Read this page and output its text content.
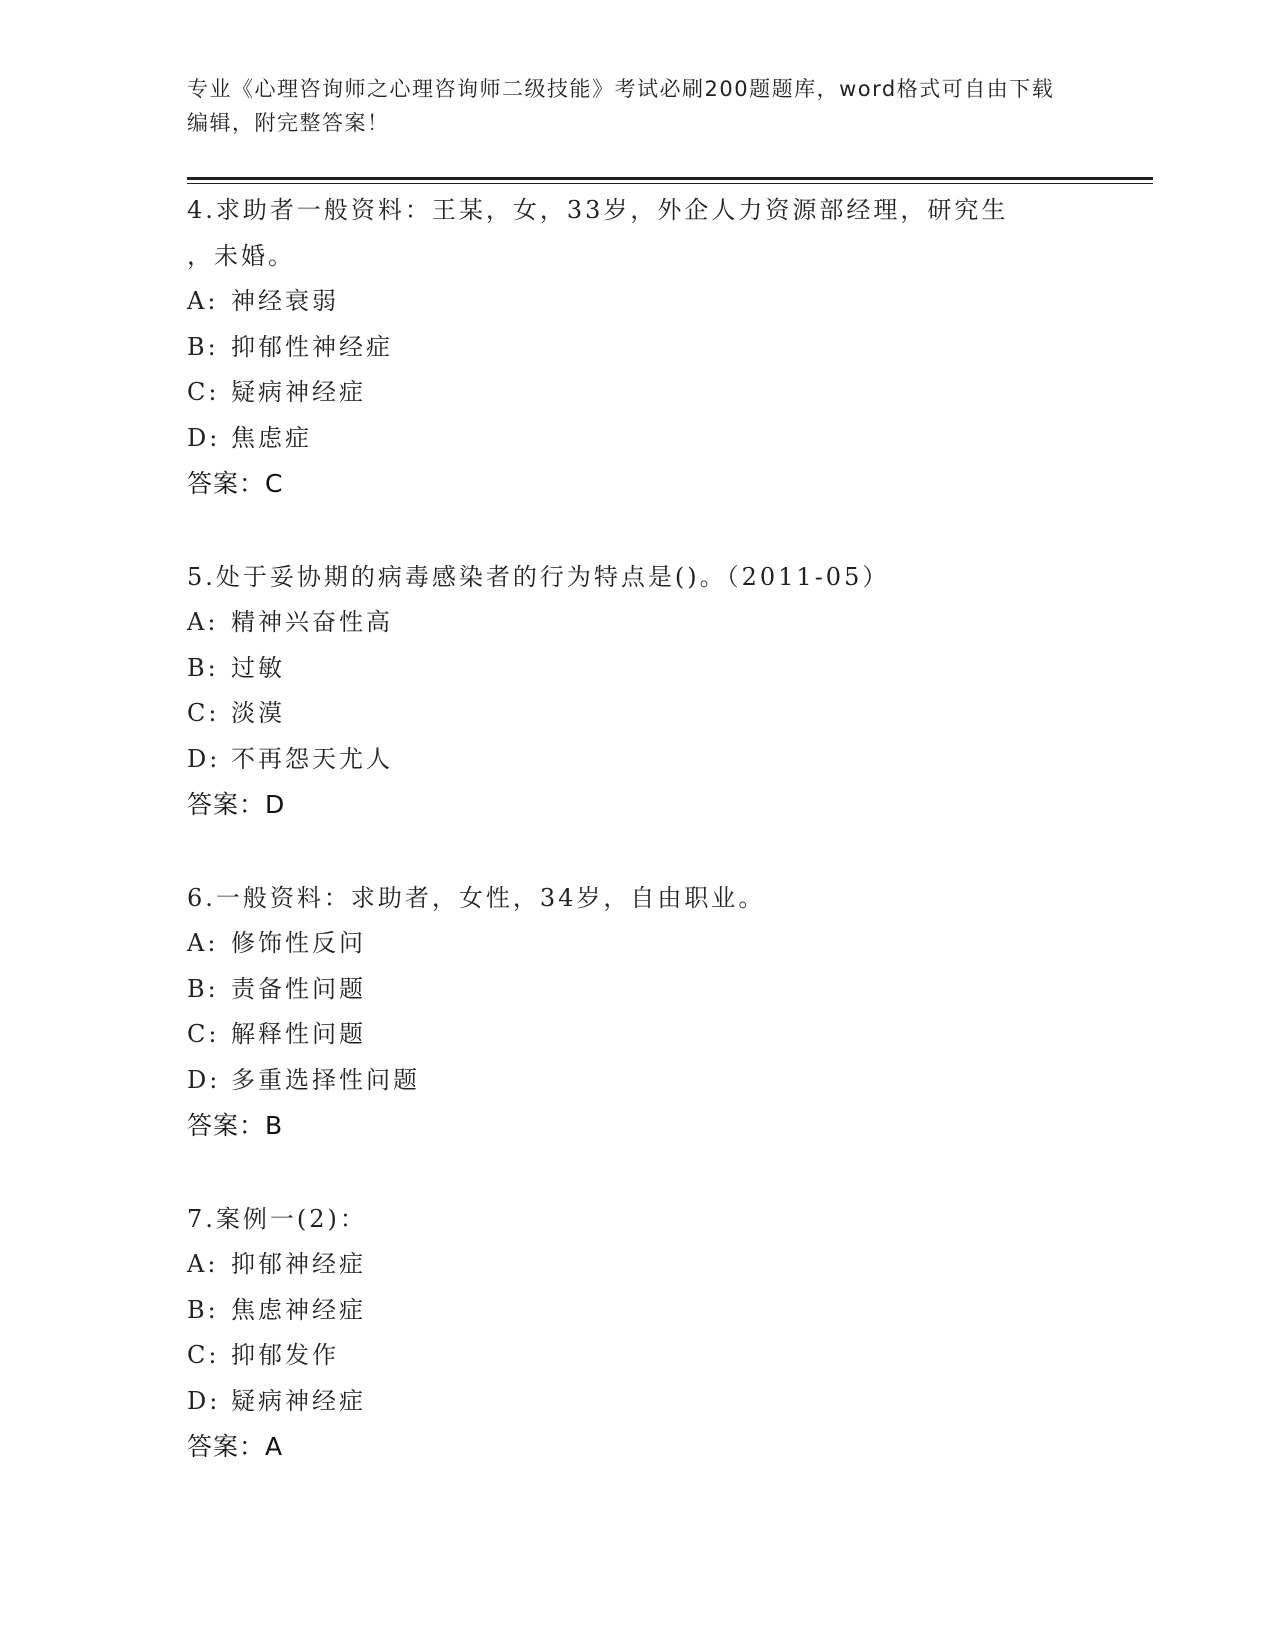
专业《心理咨询师之心理咨询师二级技能》考试必刷200题题库，word格式可自由下载编辑，附完整答案！
4.求助者一般资料：王某，女，33岁，外企人力资源部经理，研究生
，未婚。
A: 神经衰弱
B: 抑郁性神经症
C: 疑病神经症
D: 焦虑症
答案：C
5.处于妥协期的病毒感染者的行为特点是()。（2011-05）
A: 精神兴奋性高
B: 过敏
C: 淡漠
D: 不再怨天尤人
答案：D
6.一般资料：求助者，女性，34岁，自由职业。
A: 修饰性反问
B: 责备性问题
C: 解释性问题
D: 多重选择性问题
答案：B
7.案例一(2)：
A: 抑郁神经症
B: 焦虑神经症
C: 抑郁发作
D: 疑病神经症
答案：A
